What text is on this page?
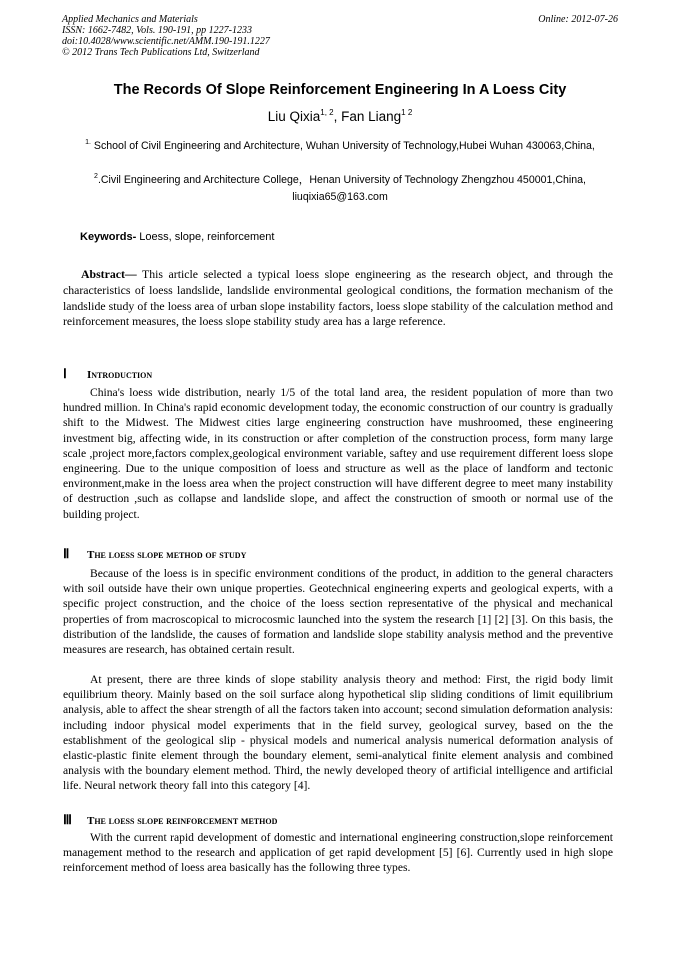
Applied Mechanics and Materials
ISSN: 1662-7482, Vols. 190-191, pp 1227-1233
doi:10.4028/www.scientific.net/AMM.190-191.1227
© 2012 Trans Tech Publications Ltd, Switzerland
Online: 2012-07-26
The Records Of Slope Reinforcement Engineering In A Loess City
Liu Qixia$^{1, 2}$, Fan Liang$^{1 2}$
$^{1.}$ School of Civil Engineering and Architecture, Wuhan University of Technology,Hubei Wuhan 430063,China,
$^2$.Civil Engineering and Architecture College，Henan University of Technology Zhengzhou 450001,China, liuqixia65@163.com
Keywords- Loess, slope, reinforcement

Abstract— This article selected a typical loess slope engineering as the research object, and through the characteristics of loess landslide, landslide environmental geological conditions, the formation mechanism of the landslide study of the loess area of urban slope instability factors, loess slope stability of the calculation method and reinforcement measures, the loess slope stability study area has a large reference.

Ⅰ Introduction

China's loess wide distribution, nearly 1/5 of the total land area, the resident population of more than two hundred million. In China's rapid economic development today, the economic construction of our country is gradually shift to the Midwest. The Midwest cities large engineering construction have mushroomed, these engineering investment big, affecting wide, in its construction or after completion of the construction process, form many large scale ,project more,factors complex,geological environment variable, saftey and use requirement different loess slope engineering. Due to the unique composition of loess and structure as well as the place of landform and tectonic environment,make in the loess area when the project construction will have different degree to meet many instability of destruction ,such as collapse and landslide slope, and affect the construction of smooth or normal use of the building project.

Ⅱ The loess slope method of study

Because of the loess is in specific environment conditions of the product, in addition to the general characters with soil outside have their own unique properties. Geotechnical engineering experts and geological experts, with a specific project construction, and the choice of the loess section representative of the physical and mechanical properties of from macroscopical to microcosmic launched into the system the research [1] [2] [3]. On this basis, the distribution of the landslide, the causes of formation and landslide slope stability analysis method and the preventive measures are research, has obtained certain result.

At present, there are three kinds of slope stability analysis theory and method: First, the rigid body limit equilibrium theory. Mainly based on the soil surface along hypothetical slip sliding conditions of limit equilibrium analysis, able to affect the shear strength of all the factors taken into account; second simulation deformation analysis: including indoor physical model experiments that in the field survey, geological survey, based on the the establishment of the geological slip - physical models and numerical analysis numerical deformation analysis of elastic-plastic finite element through the boundary element, semi-analytical finite element analysis and combined analysis with the boundary element method. Third, the newly developed theory of artificial intelligence and artificial life. Neural network theory fall into this category [4].

Ⅲ The loess slope reinforcement method

With the current rapid development of domestic and international engineering construction,slope reinforcement management method to the research and application of get rapid development [5] [6]. Currently used in high slope reinforcement method of loess area basically has the following three types.
